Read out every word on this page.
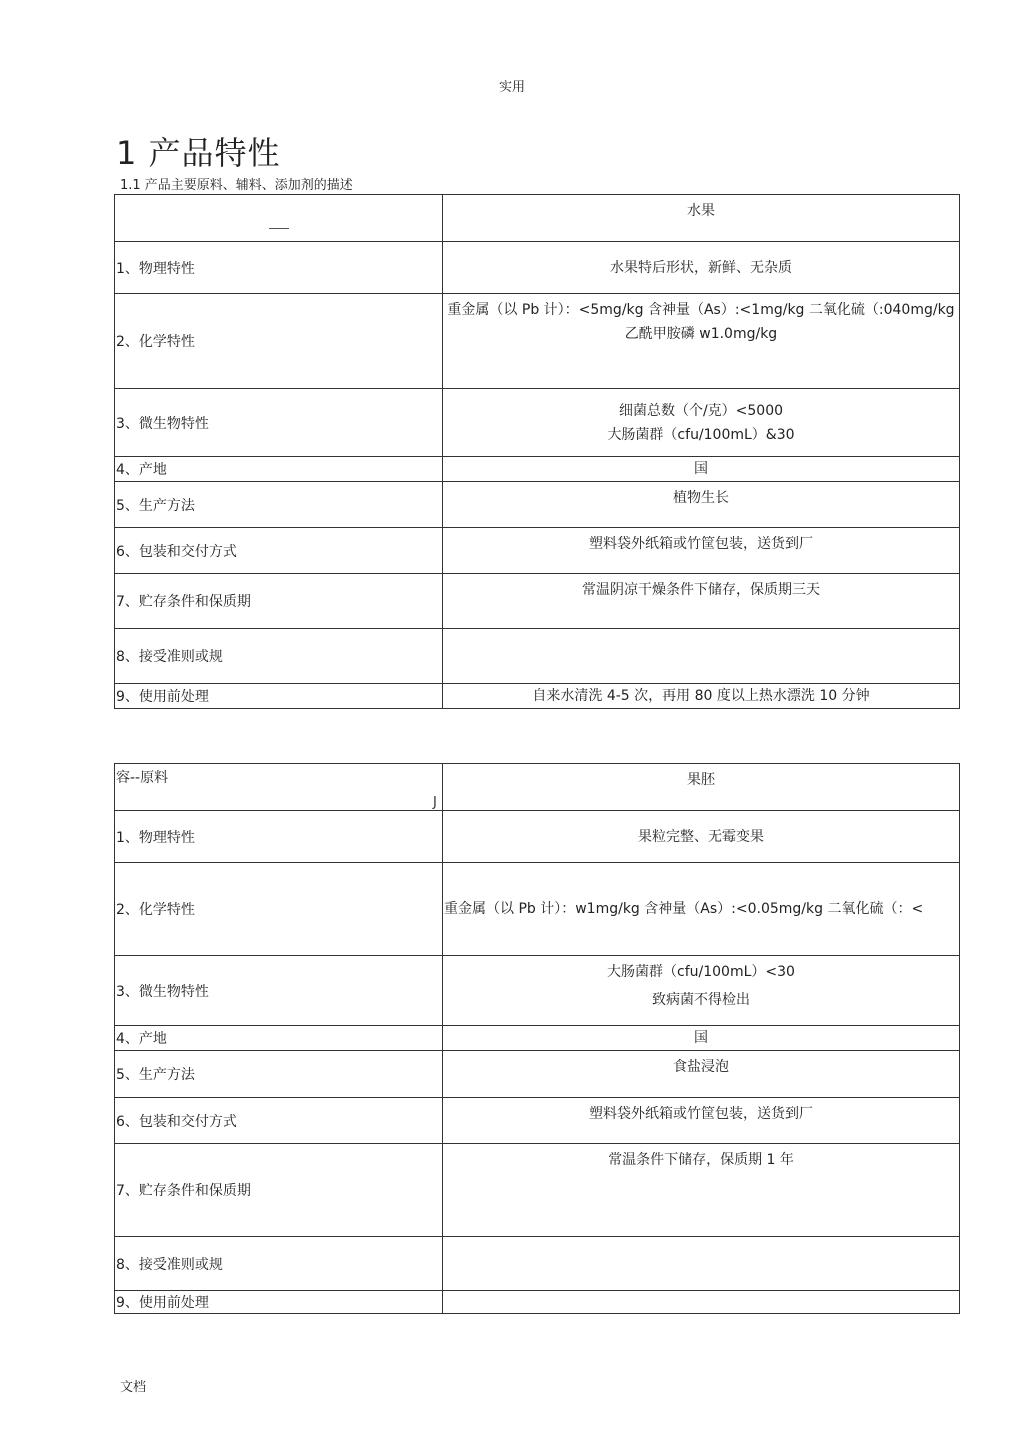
实用
1 产品特性
1.1 产品主要原料、辅料、添加剂的描述
	水果
1、物理特性	水果特后形状，新鲜、无杂质
2、化学特性	重金属（以 Pb 计）：<5mg/kg 含神量（As）:<1mg/kg 二氧化硫（:040mg/kg
乙酰甲胺磷 w1.0mg/kg

3、微生物特性	细菌总数（个/克）<5000
大肠菌群（cfu/100mL）&30

4、产地	国
5、生产方法	植物生长
6、包装和交付方式	塑料袋外纸箱或竹筐包装，送货到厂
7、贮存条件和保质期	常温阴凉干燥条件下储存，保质期三天
8、接受准则或规	
9、使用前处理	自来水清洗 4-5 次，再用 80 度以上热水漂洗 10 分钟
容--原料	果胚
1、物理特性	果粒完整、无霉变果
2、化学特性	重金属（以 Pb 计）：w1mg/kg 含神量（As）:<0.05mg/kg 二氧化硫（：<
3、微生物特性	大肠菌群（cfu/100mL）<30
致病菌不得检出

4、产地	国
5、生产方法	食盐浸泡
6、包装和交付方式	塑料袋外纸箱或竹筐包装，送货到厂
7、贮存条件和保质期	常温条件下储存，保质期 1 年
8、接受准则或规	
9、使用前处理	
J
文档
